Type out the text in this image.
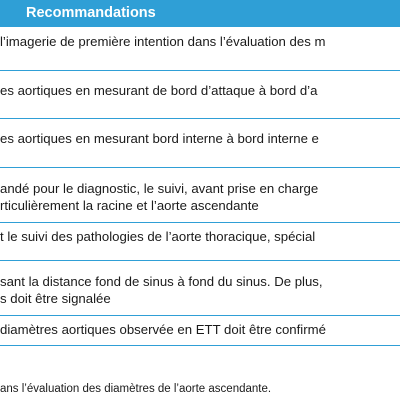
Recommandations
l’imagerie de première intention dans l’évaluation des m
es aortiques en mesurant de bord d’attaque à bord d’a
es aortiques en mesurant bord interne à bord interne e
andé pour le diagnostic, le suivi, avant prise en charge
rticulièrement la racine et l’aorte ascendante
t le suivi des pathologies de l’aorte thoracique, spécial
sant la distance fond de sinus à fond du sinus. De plus,
s doit être signalée
diamètres aortiques observée en ETT doit être confirmé
ans l’évaluation des diamètres de l’aorte ascendante.
